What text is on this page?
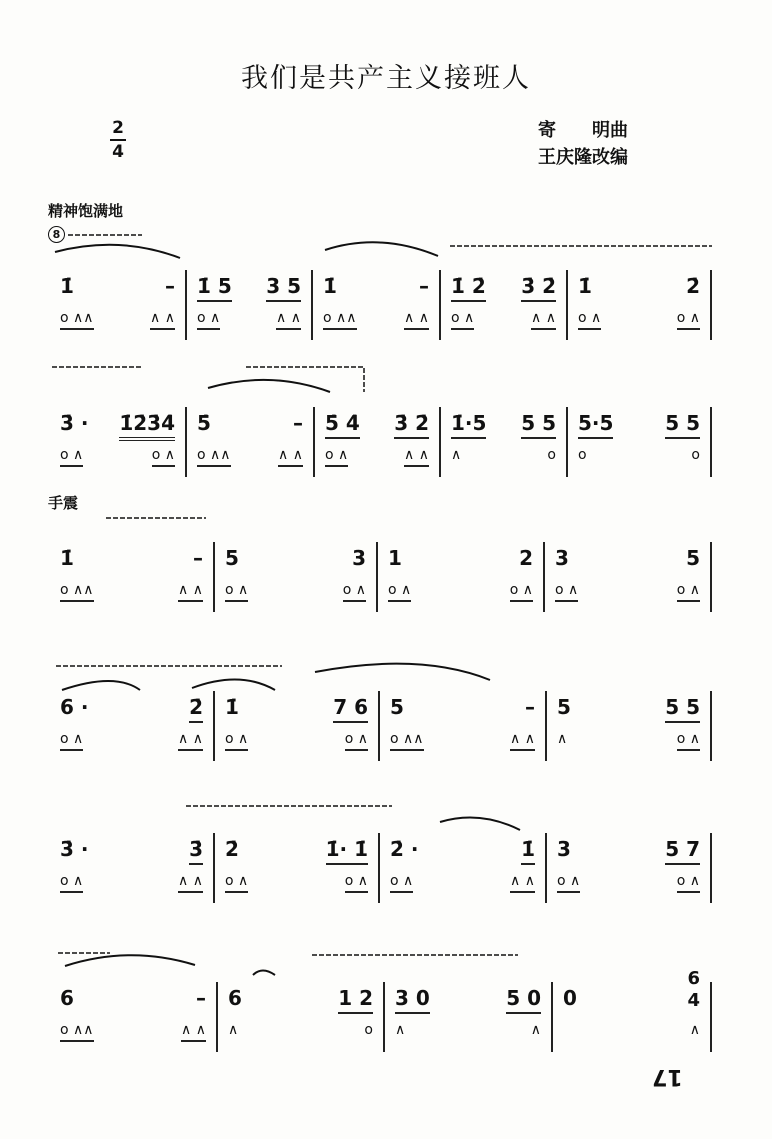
我们是共产主义接班人
2
4
寄　　明曲
王庆隆改编
精神饱满地
8
1̇	–
o ∧∧	∧ ∧
1̇ 5 3 5
o ∧	∧ ∧
1̇	–
o ∧∧	∧ ∧
1̇ 2̇ 3̇ 2̇
o ∧	∧ ∧
1̇	2̇
o ∧	o ∧
3̇ · 1̇2̇3̇4̇
o ∧	o ∧
5̇	–
o ∧∧	∧ ∧
5̇ 4̇ 3̇ 2̇
o ∧	∧ ∧
1̇·5 5 5
∧	o
5·5	5 5
o	o
手震
1̇	–
o ∧∧	∧ ∧
5	3
o ∧	o ∧
1	2
o ∧	o ∧
3	5
o ∧	o ∧
6 ·	2̇
o ∧	∧ ∧
1̇	7 6
o ∧	o ∧
5	–
o ∧∧	∧ ∧
5	5 5
∧	o ∧
3̇ ·	3̇
o ∧	∧ ∧
2̇	1̇· 1̇
o ∧	o ∧
2̇ ·	1̇
o ∧	∧ ∧
3	5 7
o ∧	o ∧
6	–
o ∧∧	∧ ∧
6	1 2
∧	o
3 0	5 0
∧	∧
0
6
4

∧
17
